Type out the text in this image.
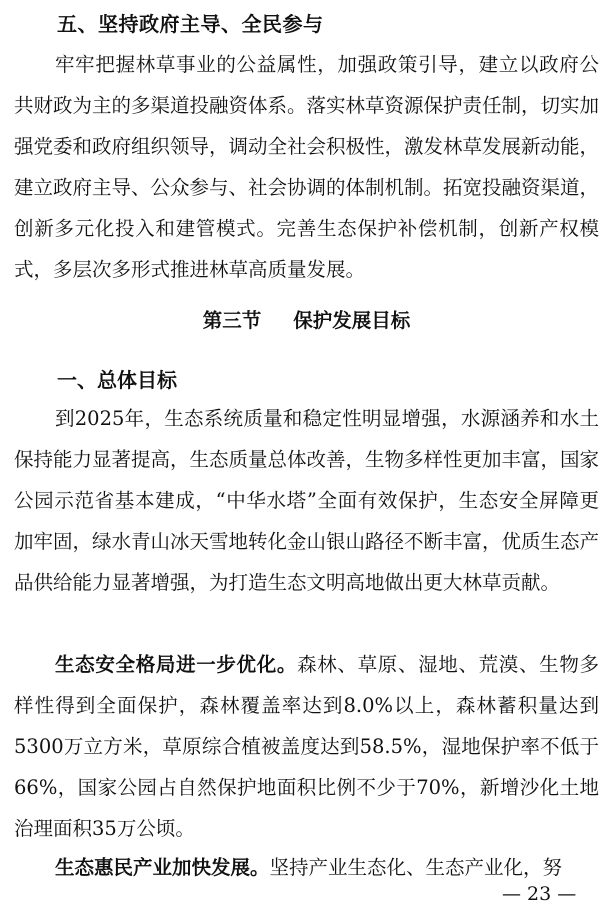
五、坚持政府主导、全民参与

牢牢把握林草事业的公益属性，加强政策引导，建立以政府公共财政为主的多渠道投融资体系。落实林草资源保护责任制，切实加强党委和政府组织领导，调动全社会积极性，激发林草发展新动能，建立政府主导、公众参与、社会协调的体制机制。拓宽投融资渠道，创新多元化投入和建管模式。完善生态保护补偿机制，创新产权模式，多层次多形式推进林草高质量发展。

第三节 保护发展目标
一、总体目标

到2025年，生态系统质量和稳定性明显增强，水源涵养和水土保持能力显著提高，生态质量总体改善，生物多样性更加丰富，国家公园示范省基本建成，“中华水塔”全面有效保护，生态安全屏障更加牢固，绿水青山冰天雪地转化金山银山路径不断丰富，优质生态产品供给能力显著增强，为打造生态文明高地做出更大林草贡献。

生态安全格局进一步优化。森林、草原、湿地、荒漠、生物多样性得到全面保护，森林覆盖率达到8.0%以上，森林蓄积量达到5300万立方米，草原综合植被盖度达到58.5%，湿地保护率不低于66%，国家公园占自然保护地面积比例不少于70%，新增沙化土地治理面积35万公顷。

生态惠民产业加快发展。坚持产业生态化、生态产业化，努

— 23 —
